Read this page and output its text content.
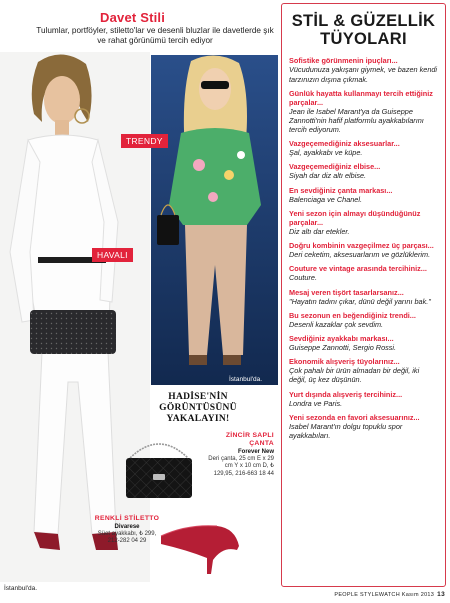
Davet Stili
Tulumlar, portföyler, stiletto'lar ve desenli bluzlar ile davetlerde şık ve rahat görünümü tercih ediyor
İstanbul'da.
İstanbul'da.
TRENDY
HAVALI
HADİSE'NİN GÖRÜNTÜSÜNÜ YAKALAYIN!
ZİNCİR SAPLI ÇANTA
Forever New
Deri çanta, 25 cm E x 29 cm Y x 10 cm D, ₺ 129,95, 216-663 18 44
RENKLİ STİLETTO
Divarese
Süet ayakkabı, ₺ 299, 212-282 04 29
STİL & GÜZELLİK TÜYOLARI
Sofistike görünmenin ipuçları...
Vücudunuza yakışanı giymek, ve bazen kendi tarzınızın dışına çıkmak.
Günlük hayatta kullanmayı tercih ettiğiniz parçalar...
Jean ile Isabel Marant'ya da Guiseppe Zannotti'nin hafif platformlu ayakkabılarını tercih ediyorum.
Vazgeçemediğiniz aksesuarlar...
Şal, ayakkabı ve küpe.
Vazgeçemediğiniz elbise...
Siyah dar diz altı elbise.
En sevdiğiniz çanta markası...
Balenciaga ve Chanel.
Yeni sezon için almayı düşündüğünüz parçalar...
Diz altı dar etekler.
Doğru kombinin vazgeçilmez üç parçası...
Deri ceketim, aksesuarlarım ve gözlüklerim.
Couture ve vintage arasında tercihiniz...
Couture.
Mesaj veren tişört tasarlarsanız...
"Hayatın tadını çıkar, dünü değil yarını bak."
Bu sezonun en beğendiğiniz trendi...
Desenli kazaklar çok sevdim.
Sevdiğiniz ayakkabı markası...
Guiseppe Zannotti, Sergio Rossi.
Ekonomik alışveriş tüyolarınız...
Çok pahalı bir ürün almadan bir değil, iki değil, üç kez düşünün.
Yurt dışında alışveriş tercihiniz...
Londra ve Paris.
Yeni sezonda en favori aksesuarınız...
Isabel Marant'ın dolgu topuklu spor ayakkabıları.
PEOPLE STYLEWATCH Kasım 2013 13
